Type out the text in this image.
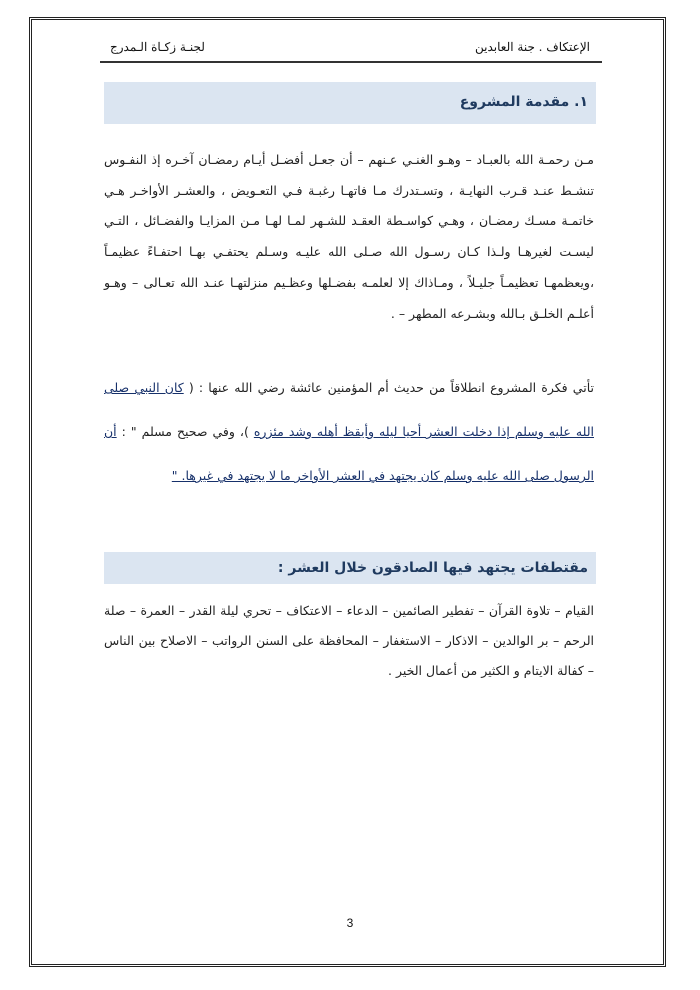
لجنـة زكـاة الـمدرج	الإعتكاف . جنة العابدين
١. مقدمة المشروع
مـن رحمـة الله بالعبـاد – وهـو الغنـي عـنهم – أن جعـل أفضـل أيـام رمضـان آخـره إذ النفـوس تنشـط عنـد قـرب النهايـة ، وتسـتدرك مـا فاتهـا رغبـة فـي التعـويض ، والعشـر الأواخـر هـي خاتمـة مسـك رمضـان ، وهـي كواسـطة العقـد للشـهر لمـا لهـا مـن المزايـا والفضـائل ، التـي ليسـت لغيرهـا ولـذا كـان رسـول الله صـلى الله عليـه وسـلم يحتفـي بهـا احتفـاءً عظيمـاً ،ويعظمهـا تعظيمـاً جليـلاً ، ومـاذاك إلا لعلمـه بفضـلها وعظـيم منزلتهـا عنـد الله تعـالى – وهـو أعلـم الخلـق بـالله وبشـرعه المطهر – .
تأتي فكرة المشروع انطلاقاً من حديث أم المؤمنين عائشة رضي الله عنها : ( كان النبي صلى الله عليه وسلم إذا دخلت العشر أحيا ليله وأيقظ أهله وشد مئزره )، وفي صحيح مسلم " : أن الرسول صلى الله عليه وسلم كان يجتهد في العشر الأواخر ما لا يجتهد في غيرها. "
مقتطفات يجتهد فيها الصادقون خلال العشر :
القيام – تلاوة القرآن – تفطير الصائمين – الدعاء – الاعتكاف – تحري ليلة القدر – العمرة – صلة الرحم – بر الوالدين – الاذكار – الاستغفار – المحافظة على السنن الرواتب – الاصلاح بين الناس – كفالة الايتام و الكثير من أعمال الخير .
3
